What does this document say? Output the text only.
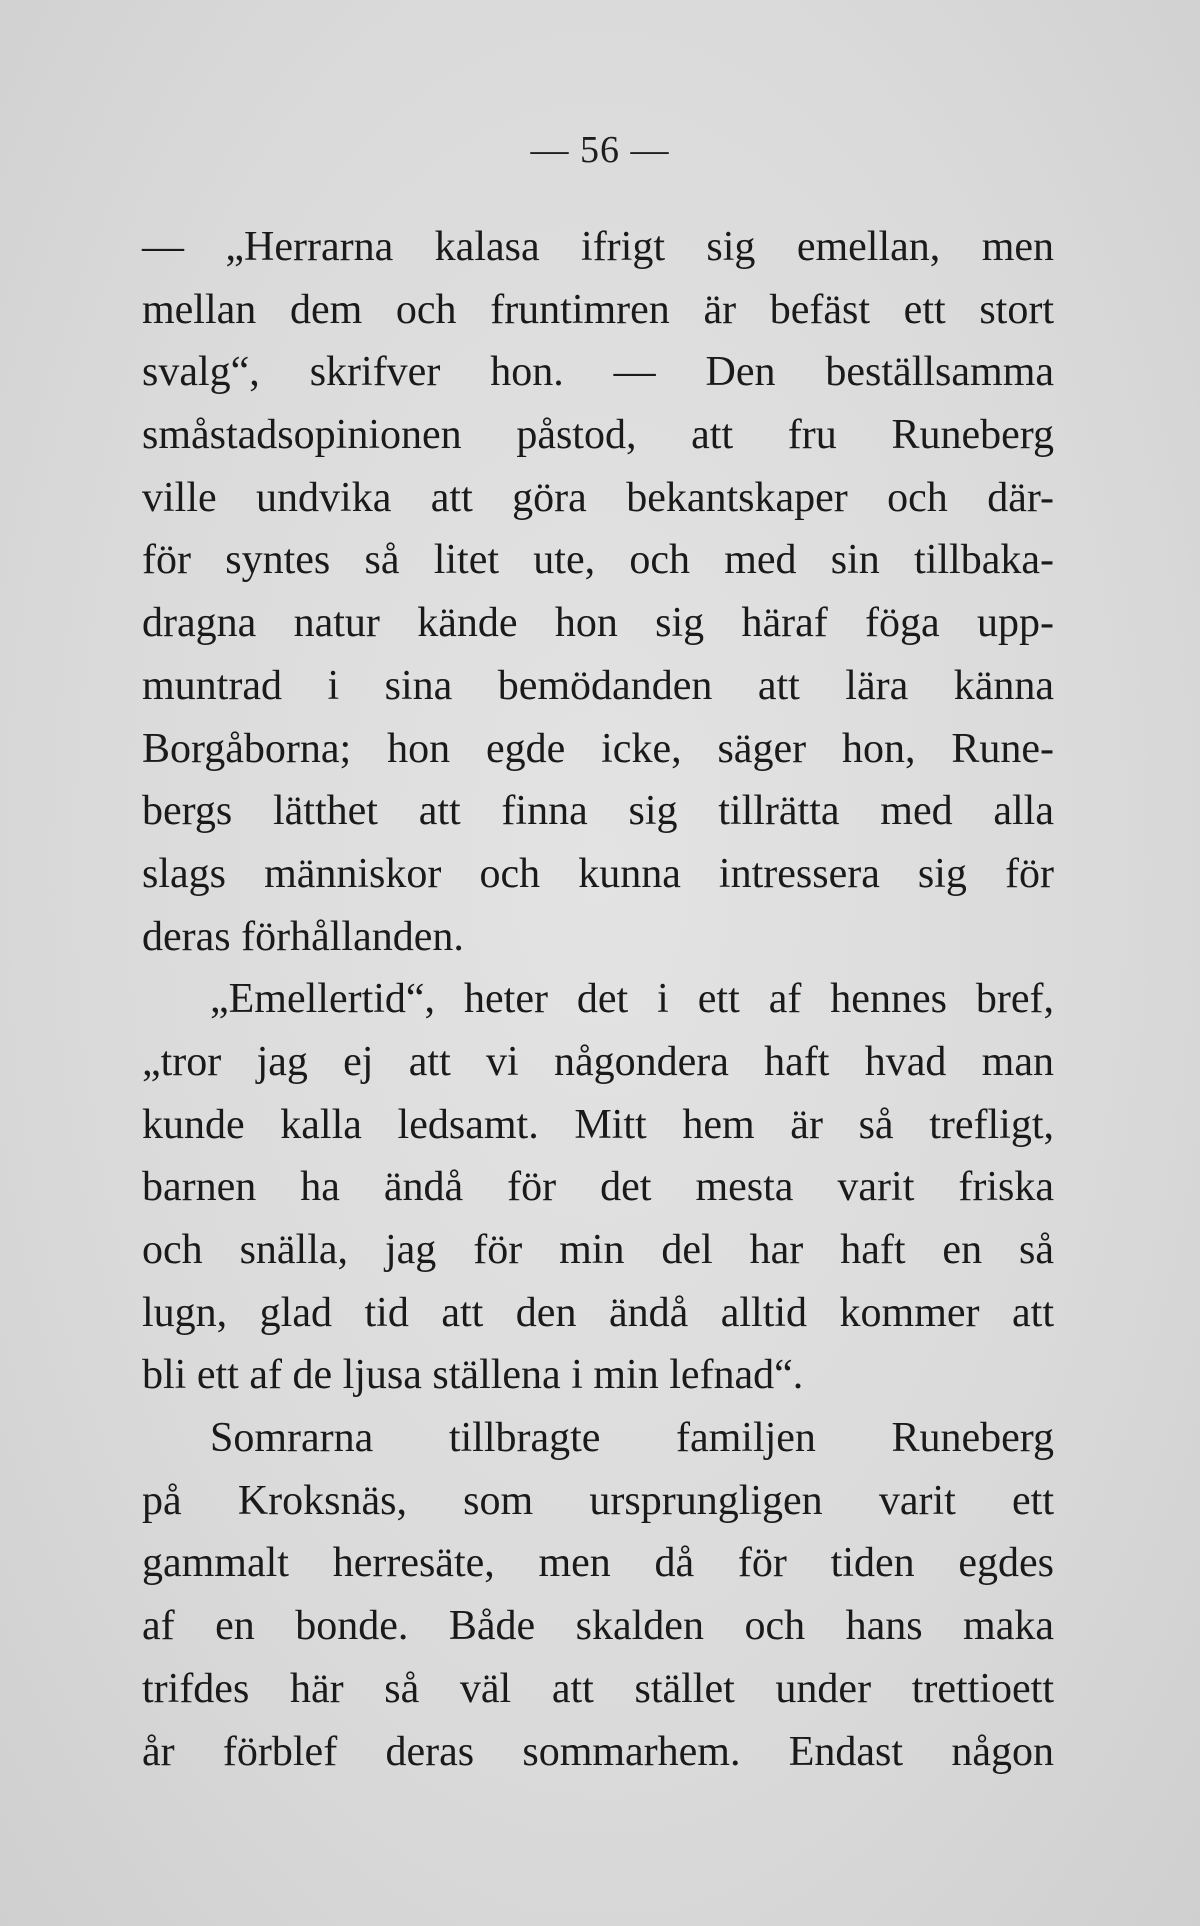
— 56 —
— „Herrarna kalasa ifrigt sig emellan, men
mellan dem och fruntimren är befäst ett stort
svalg“, skrifver hon. — Den beställsamma
småstadsopinionen påstod, att fru Runeberg
ville undvika att göra bekantskaper och där-
för syntes så litet ute, och med sin tillbaka-
dragna natur kände hon sig häraf föga upp-
muntrad i sina bemödanden att lära känna
Borgåborna; hon egde icke, säger hon, Rune-
bergs lätthet att finna sig tillrätta med alla
slags människor och kunna intressera sig för
deras förhållanden.
„Emellertid“, heter det i ett af hennes bref,
„tror jag ej att vi någondera haft hvad man
kunde kalla ledsamt. Mitt hem är så trefligt,
barnen ha ändå för det mesta varit friska
och snälla, jag för min del har haft en så
lugn, glad tid att den ändå alltid kommer att
bli ett af de ljusa ställena i min lefnad“.
Somrarna tillbragte familjen Runeberg
på Kroksnäs, som ursprungligen varit ett
gammalt herresäte, men då för tiden egdes
af en bonde. Både skalden och hans maka
trifdes här så väl att stället under trettioett
år förblef deras sommarhem. Endast någon
